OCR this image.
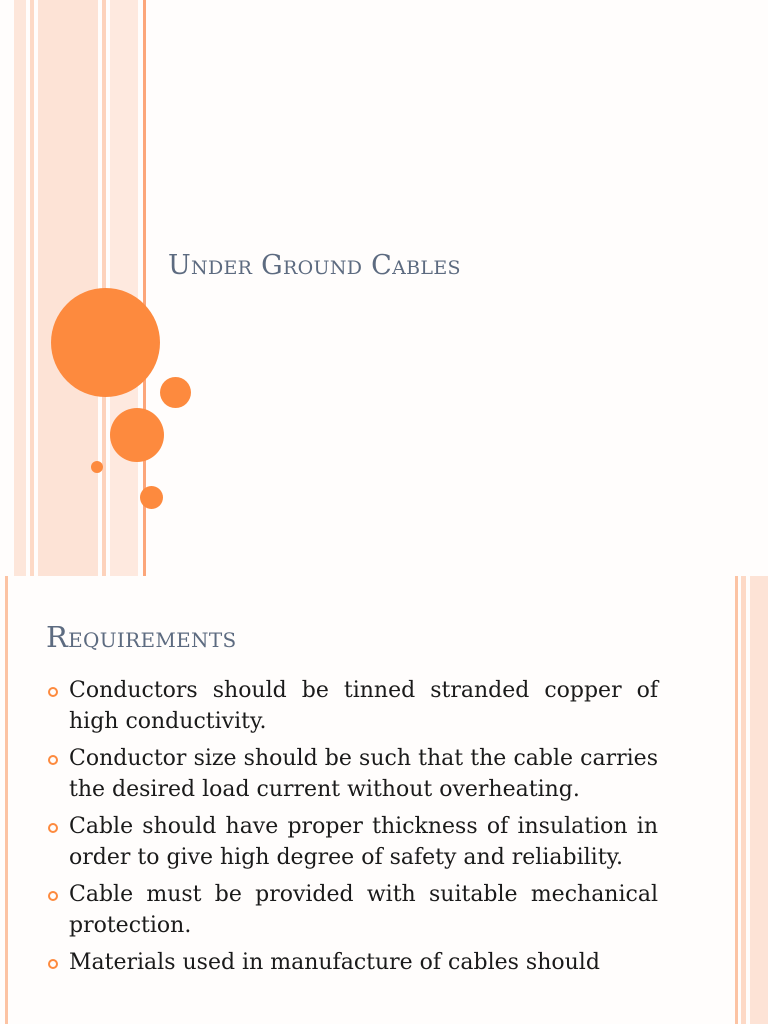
Under Ground Cables
Requirements
Conductors should be tinned stranded copper of high conductivity.
Conductor size should be such that the cable carries the desired load current without overheating.
Cable should have proper thickness of insulation in order to give high degree of safety and reliability.
Cable must be provided with suitable mechanical protection.
Materials used in manufacture of cables should
